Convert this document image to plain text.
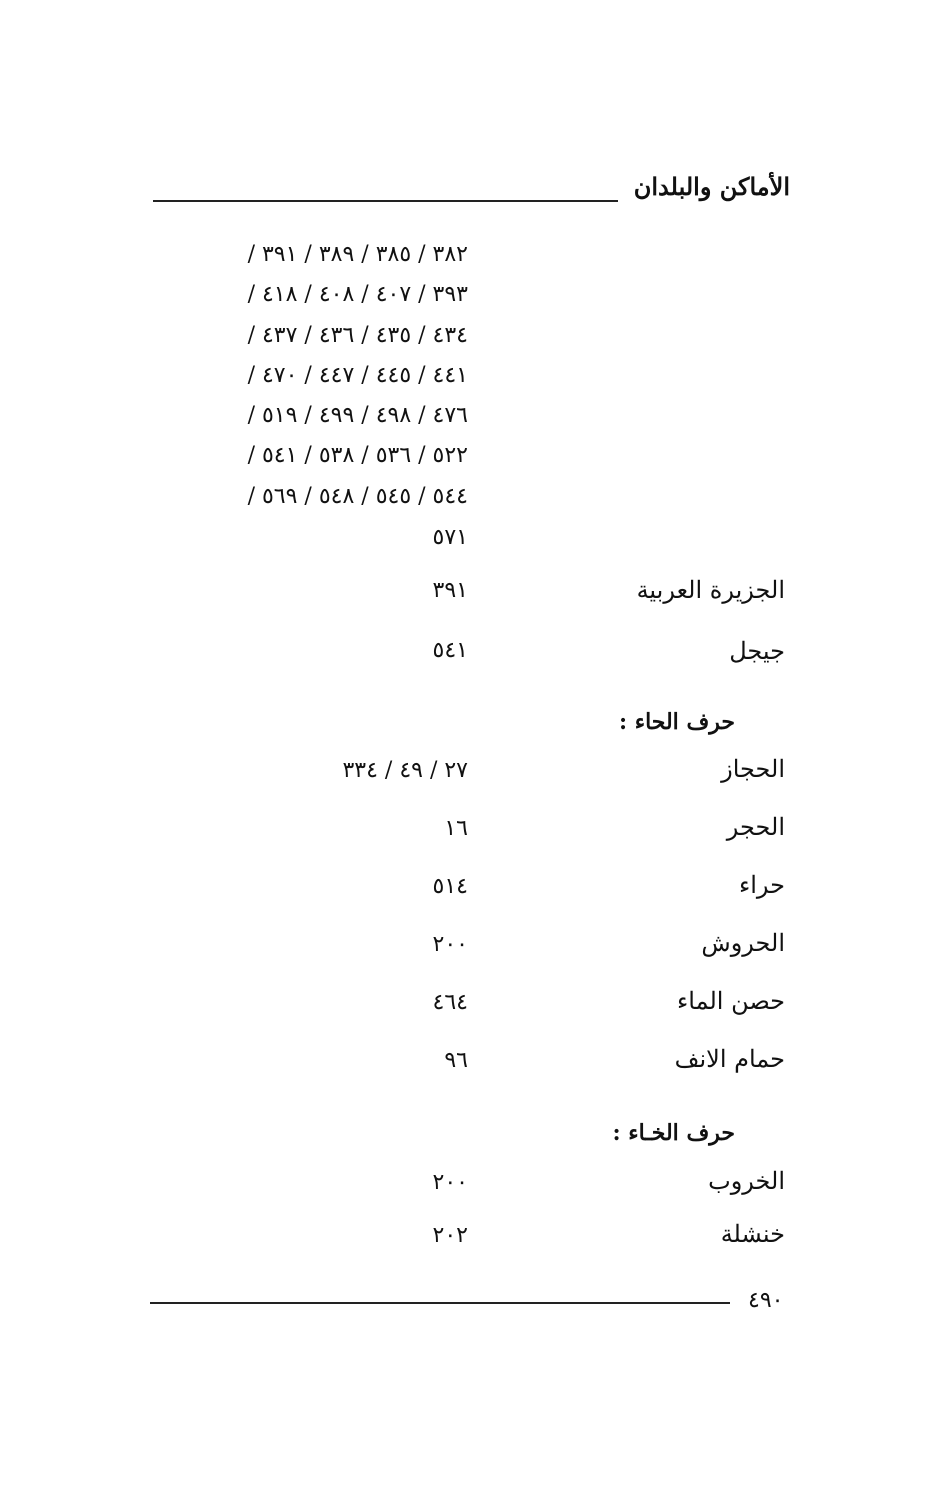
الأماكن والبلدان
٣٨٢ / ٣٨٥ / ٣٨٩ / ٣٩١ /
٣٩٣ / ٤٠٧ / ٤٠٨ / ٤١٨ /
٤٣٤ / ٤٣٥ / ٤٣٦ / ٤٣٧ /
٤٤١ / ٤٤٥ / ٤٤٧ / ٤٧٠ /
٤٧٦ / ٤٩٨ / ٤٩٩ / ٥١٩ /
٥٢٢ / ٥٣٦ / ٥٣٨ / ٥٤١ /
٥٤٤ / ٥٤٥ / ٥٤٨ / ٥٦٩ /
٥٧١
الجزيرة العربية
٣٩١
جيجل
٥٤١
حرف الحاء :
الحجاز
٢٧ / ٤٩ / ٣٣٤
الحجر
١٦
حراء
٥١٤
الحروش
٢٠٠
حصن الماء
٤٦٤
حمام الانف
٩٦
حرف الخـاء :
الخروب
٢٠٠
خنشلة
٢٠٢
٤٩٠
